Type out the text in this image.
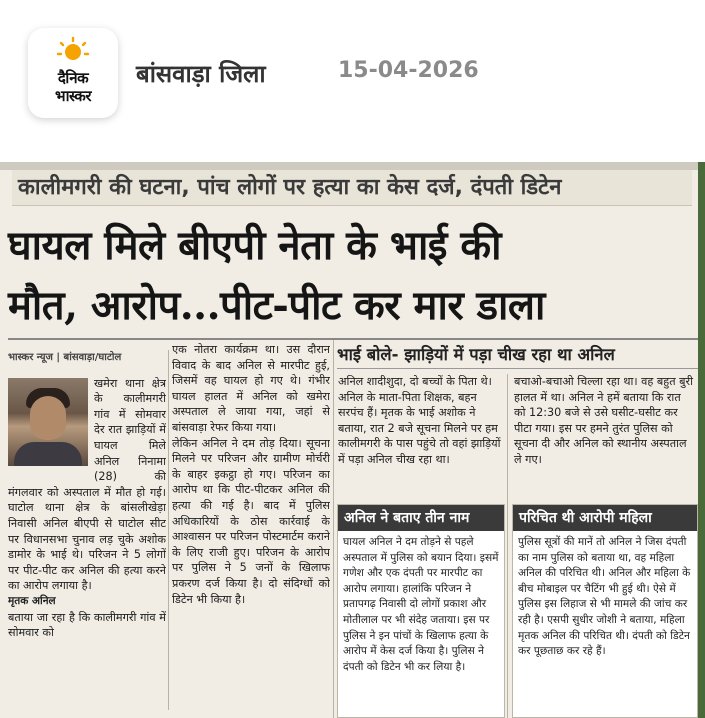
दैनिक
भास्कर
बांसवाड़ा जिला	15-04-2026
कालीमगरी की घटना, पांच लोगों पर हत्या का केस दर्ज, दंपती डिटेन
घायल मिले बीएपी नेता के भाई की
मौत, आरोप...पीट-पीट कर मार डाला
भास्कर न्यूज | बांसवाड़ा/घाटोल

खमेरा थाना क्षेत्र के कालीमगरी गांव में सोमवार देर रात झाड़ियों में घायल मिले अनिल निनामा (28) की मंगलवार को अस्पताल में मौत हो गई। घाटोल थाना क्षेत्र के बांसलीखेड़ा निवासी अनिल बीएपी से घाटोल सीट पर विधानसभा चुनाव लड़ चुके अशोक डामोर के भाई थे। परिजन ने 5 लोगों पर पीट-पीट कर अनिल की हत्या करने का आरोप लगाया है।

मृतक अनिल

बताया जा रहा है कि कालीमगरी गांव में सोमवार को

एक नोतरा कार्यक्रम था। उस दौरान विवाद के बाद अनिल से मारपीट हुई, जिसमें वह घायल हो गए थे। गंभीर घायल हालत में अनिल को खमेरा अस्पताल ले जाया गया, जहां से बांसवाड़ा रेफर किया गया।

लेकिन अनिल ने दम तोड़ दिया। सूचना मिलने पर परिजन और ग्रामीण मोर्चरी के बाहर इकट्ठा हो गए। परिजन का आरोप था कि पीट-पीटकर अनिल की हत्या की गई है। बाद में पुलिस अधिकारियों के ठोस कार्रवाई के आश्वासन पर परिजन पोस्टमार्टम कराने के लिए राजी हुए। परिजन के आरोप पर पुलिस ने 5 जनों के खिलाफ प्रकरण दर्ज किया है। दो संदिग्धों को डिटेन भी किया है।

भाई बोले- झाड़ियों में पड़ा चीख रहा था अनिल
अनिल शादीशुदा, दो बच्चों के पिता थे। अनिल के माता-पिता शिक्षक, बहन सरपंच हैं। मृतक के भाई अशोक ने बताया, रात 2 बजे सूचना मिलने पर हम कालीमगरी के पास पहुंचे तो वहां झाड़ियों में पड़ा अनिल चीख रहा था।
बचाओ-बचाओ चिल्ला रहा था। वह बहुत बुरी हालत में था। अनिल ने हमें बताया कि रात को 12:30 बजे से उसे घसीट-घसीट कर पीटा गया। इस पर हमने तुरंत पुलिस को सूचना दी और अनिल को स्थानीय अस्पताल ले गए।
अनिल ने बताए तीन नाम
घायल अनिल ने दम तोड़ने से पहले अस्पताल में पुलिस को बयान दिया। इसमें गणेश और एक दंपती पर मारपीट का आरोप लगाया। हालांकि परिजन ने प्रतापगढ़ निवासी दो लोगों प्रकाश और मोतीलाल पर भी संदेह जताया। इस पर पुलिस ने इन पांचों के खिलाफ हत्या के आरोप में केस दर्ज किया है। पुलिस ने दंपती को डिटेन भी कर लिया है।
परिचित थी आरोपी महिला
पुलिस सूत्रों की मानें तो अनिल ने जिस दंपती का नाम पुलिस को बताया था, वह महिला अनिल की परिचित थी। अनिल और महिला के बीच मोबाइल पर चैटिंग भी हुई थी। ऐसे में पुलिस इस लिहाज से भी मामले की जांच कर रही है। एसपी सुधीर जोशी ने बताया, महिला मृतक अनिल की परिचित थी। दंपती को डिटेन कर पूछताछ कर रहे हैं।
